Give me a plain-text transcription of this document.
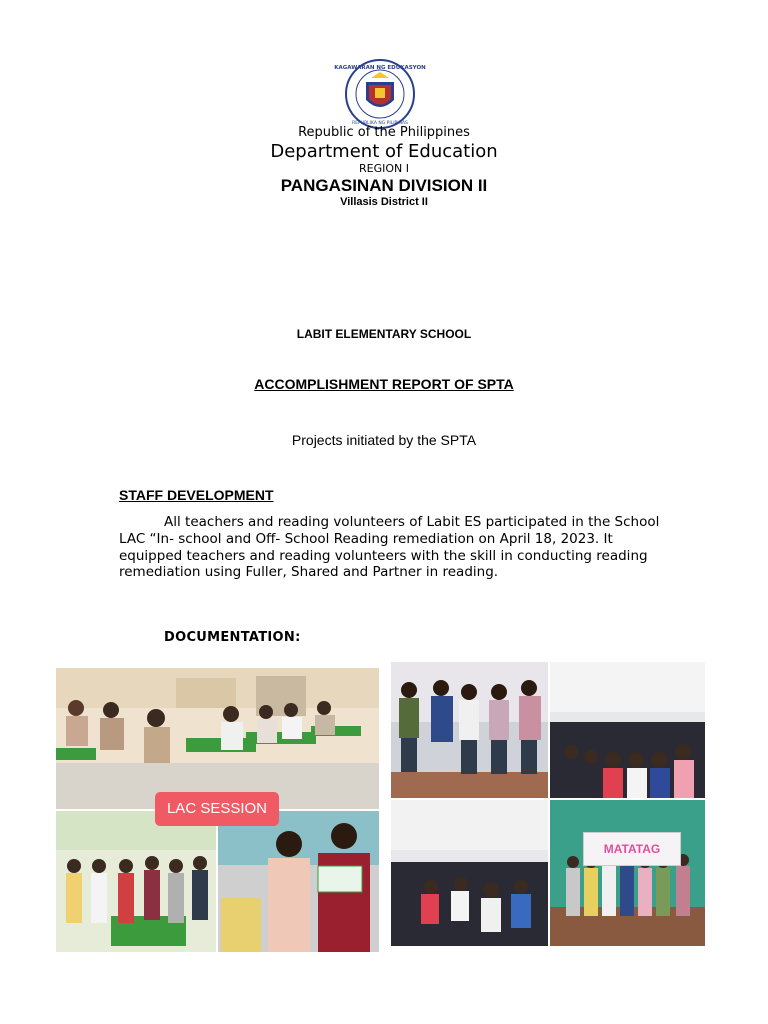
KAGAWARAN NG EDUKASYON
REPUBLIKA NG PILIPINAS
Republic of the Philippines
Department of Education
REGION I
PANGASINAN DIVISION II
Villasis District II
LABIT ELEMENTARY SCHOOL
ACCOMPLISHMENT REPORT OF SPTA
Projects initiated by the SPTA
STAFF DEVELOPMENT
All teachers and reading volunteers of Labit ES participated in the School LAC “In- school and Off- School Reading remediation on April 18, 2023. It equipped teachers and reading volunteers with the skill in conducting reading remediation using Fuller, Shared and Partner in reading.
DOCUMENTATION:
LAC SESSION
MATATAG
